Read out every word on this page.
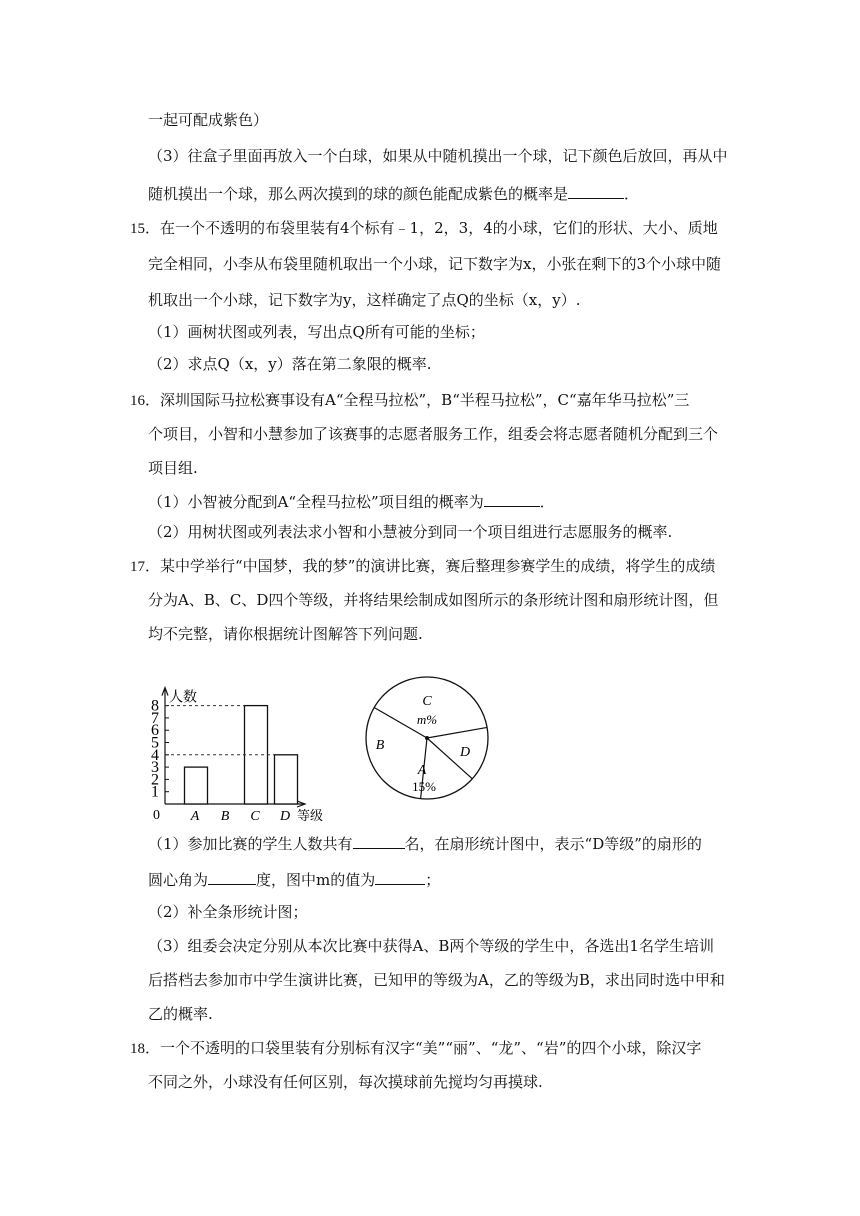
一起可配成紫色）
（3）往盒子里面再放入一个白球，如果从中随机摸出一个球，记下颜色后放回，再从中
随机摸出一个球，那么两次摸到的球的颜色能配成紫色的概率是	．
15．在一个不透明的布袋里装有4个标有﹣1，2，3，4的小球，它们的形状、大小、质地
完全相同，小李从布袋里随机取出一个小球，记下数字为x，小张在剩下的3个小球中随
机取出一个小球，记下数字为y，这样确定了点Q的坐标（x，y）.
（1）画树状图或列表，写出点Q所有可能的坐标；
（2）求点Q（x，y）落在第二象限的概率.
16．深圳国际马拉松赛事设有A“全程马拉松”，B“半程马拉松”，C“嘉年华马拉松”三
个项目，小智和小慧参加了该赛事的志愿者服务工作，组委会将志愿者随机分配到三个
项目组.
（1）小智被分配到A“全程马拉松”项目组的概率为	．
（2）用树状图或列表法求小智和小慧被分到同一个项目组进行志愿服务的概率.
17．某中学举行“中国梦，我的梦”的演讲比赛，赛后整理参赛学生的成绩，将学生的成绩
分为A、B、C、D四个等级，并将结果绘制成如图所示的条形统计图和扇形统计图，但
均不完整，请你根据统计图解答下列问题.
人数
等级
0
1
2
3
4
5
6
7
8
A B C D
C
B
A
D
m%
15%
（1）参加比赛的学生人数共有	名，在扇形统计图中，表示“D等级”的扇形的
圆心角为	度，图中m的值为	；
（2）补全条形统计图；
（3）组委会决定分别从本次比赛中获得A、B两个等级的学生中，各选出1名学生培训
后搭档去参加市中学生演讲比赛，已知甲的等级为A，乙的等级为B，求出同时选中甲和
乙的概率.
18．一个不透明的口袋里装有分别标有汉字“美”“丽”、“龙”、“岩”的四个小球，除汉字
不同之外，小球没有任何区别，每次摸球前先搅均匀再摸球.
